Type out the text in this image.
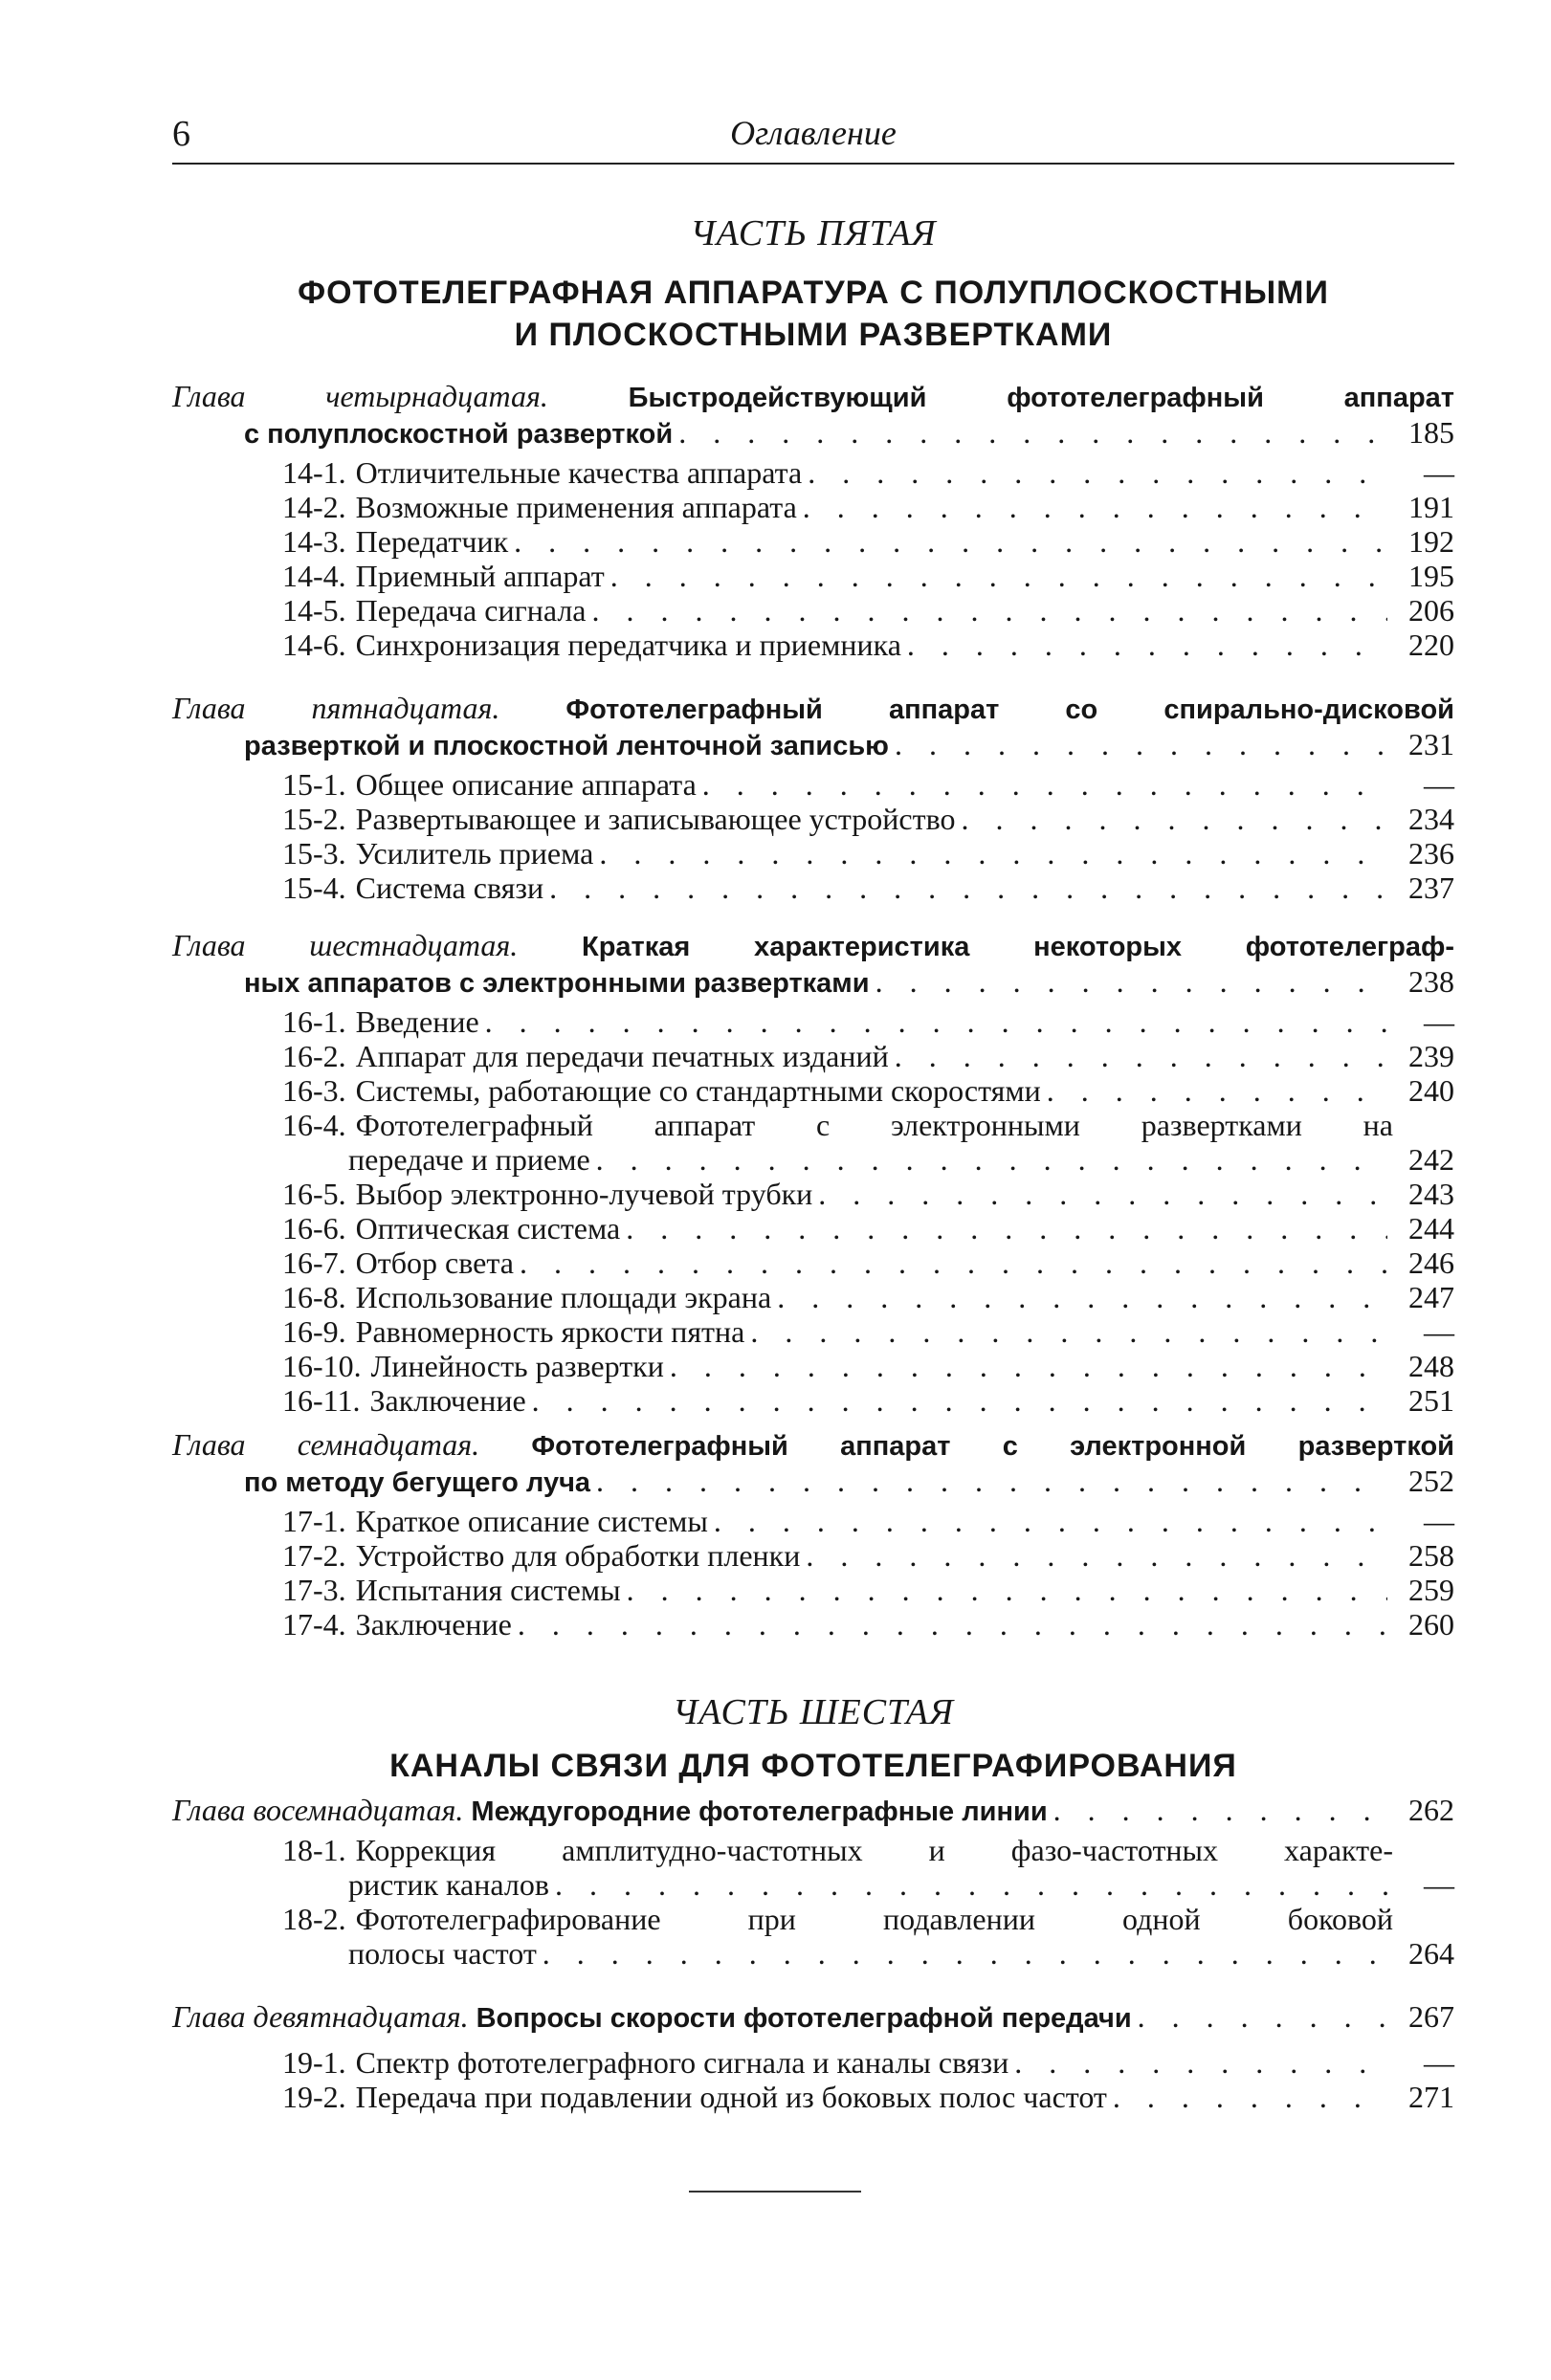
6	Оглавление
ЧАСТЬ ПЯТАЯ
ФОТОТЕЛЕГРАФНАЯ АППАРАТУРА С ПОЛУПЛОСКОСТНЫМИ
И ПЛОСКОСТНЫМИ РАЗВЕРТКАМИ
Глава четырнадцатая.	Быстродействующий фототелеграфный аппарат
с полуплоскостной разверткой . . .	185
14-1. Отличительные качества аппарата . . .	—
14-2. Возможные применения аппарата . . .	191
14-3. Передатчик . . .	192
14-4. Приемный аппарат . . .	195
14-5. Передача сигнала . . .	206
14-6. Синхронизация передатчика и приемника . . .	220
Глава пятнадцатая. Фототелеграфный аппарат со спирально-дисковой
разверткой и плоскостной ленточной записью . . .	231
15-1. Общее описание аппарата . . .	—
15-2. Развертывающее и записывающее устройство . . .	234
15-3. Усилитель приема . . .	236
15-4. Система связи . . .	237
Глава шестнадцатая. Краткая характеристика некоторых фототелеграф-
ных аппаратов с электронными развертками . . .	238
16-1. Введение . . .	—
16-2. Аппарат для передачи печатных изданий . . .	239
16-3. Системы, работающие со стандартными скоростями . . .	240
16-4. Фототелеграфный аппарат с электронными развертками на
передаче и приеме . . .	242
16-5. Выбор электронно-лучевой трубки . . .	243
16-6. Оптическая система . . .	244
16-7. Отбор света . . .	246
16-8. Использование площади экрана . . .	247
16-9. Равномерность яркости пятна . . .	—
16-10. Линейность развертки . . .	248
16-11. Заключение . . .	251
Глава семнадцатая. Фототелеграфный аппарат с электронной разверткой
по методу бегущего луча . . .	252
17-1. Краткое описание системы . . .	—
17-2. Устройство для обработки пленки . . .	258
17-3. Испытания системы . . .	259
17-4. Заключение . . .	260
ЧАСТЬ ШЕСТАЯ
КАНАЛЫ СВЯЗИ ДЛЯ ФОТОТЕЛЕГРАФИРОВАНИЯ
Глава восемнадцатая.
Междугородние фототелеграфные линии . . .	262
18-1. Коррекция амплитудно-частотных и фазо-частотных характе-
ристик каналов . . .	—
18-2. Фототелеграфирование при подавлении одной боковой
полосы частот . . .	264
Глава девятнадцатая.
Вопросы скорости фототелеграфной передачи . . .	267
19-1. Спектр фототелеграфного сигнала и каналы связи . . .	—
19-2. Передача при подавлении одной из боковых полос частот . . .	271
